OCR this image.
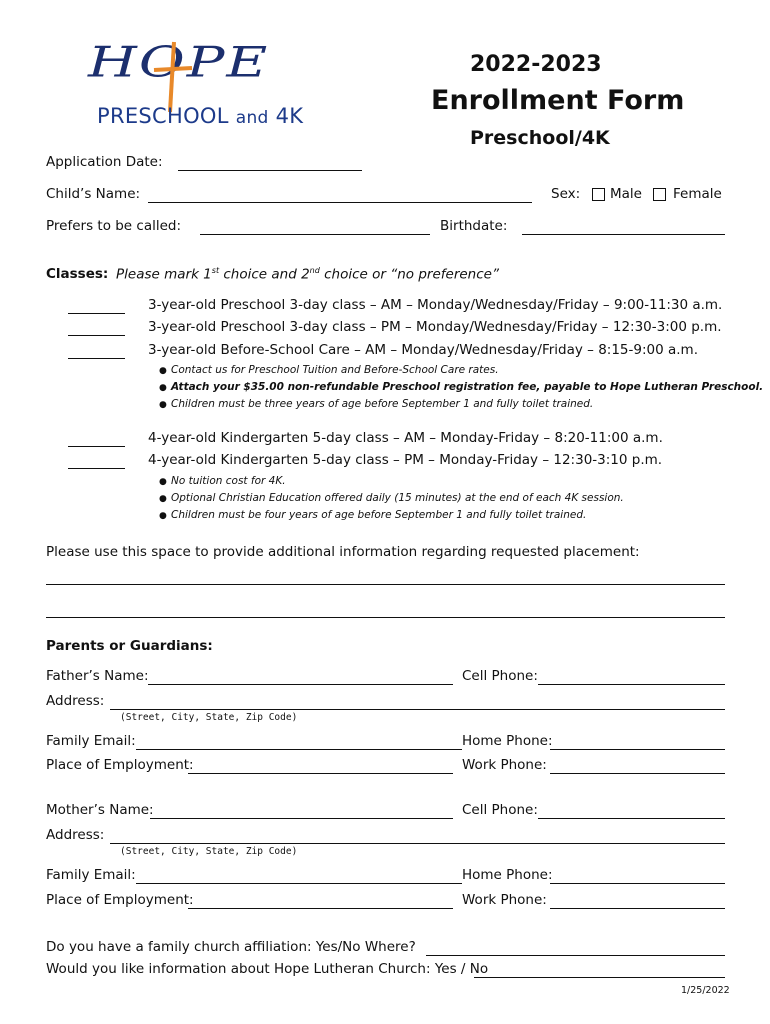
HOPE
PRESCHOOL and 4K
2022-2023
Enrollment Form
Preschool/4K
Application Date:
Child’s Name:	Sex: Male Female
Prefers to be called:	Birthdate:
Classes: Please mark 1st choice and 2nd choice or “no preference”
3-year-old Preschool 3-day class – AM – Monday/Wednesday/Friday – 9:00-11:30 a.m.
3-year-old Preschool 3-day class – PM – Monday/Wednesday/Friday – 12:30-3:00 p.m.
3-year-old Before-School Care – AM – Monday/Wednesday/Friday – 8:15-9:00 a.m.
● Contact us for Preschool Tuition and Before-School Care rates.
● Attach your $35.00 non-refundable Preschool registration fee, payable to Hope Lutheran Preschool.
● Children must be three years of age before September 1 and fully toilet trained.
4-year-old Kindergarten 5-day class – AM – Monday-Friday – 8:20-11:00 a.m.
4-year-old Kindergarten 5-day class – PM – Monday-Friday – 12:30-3:10 p.m.
● No tuition cost for 4K.
● Optional Christian Education offered daily (15 minutes) at the end of each 4K session.
● Children must be four years of age before September 1 and fully toilet trained.
Please use this space to provide additional information regarding requested placement:
Parents or Guardians:
Father’s Name:	Cell Phone:
Address:
(Street, City, State, Zip Code)
Family Email:	Home Phone:
Place of Employment:	Work Phone:
Mother’s Name:	Cell Phone:
Address:
(Street, City, State, Zip Code)
Family Email:	Home Phone:
Place of Employment:	Work Phone:
Do you have a family church affiliation: Yes/No Where?
Would you like information about Hope Lutheran Church: Yes / No
1/25/2022
